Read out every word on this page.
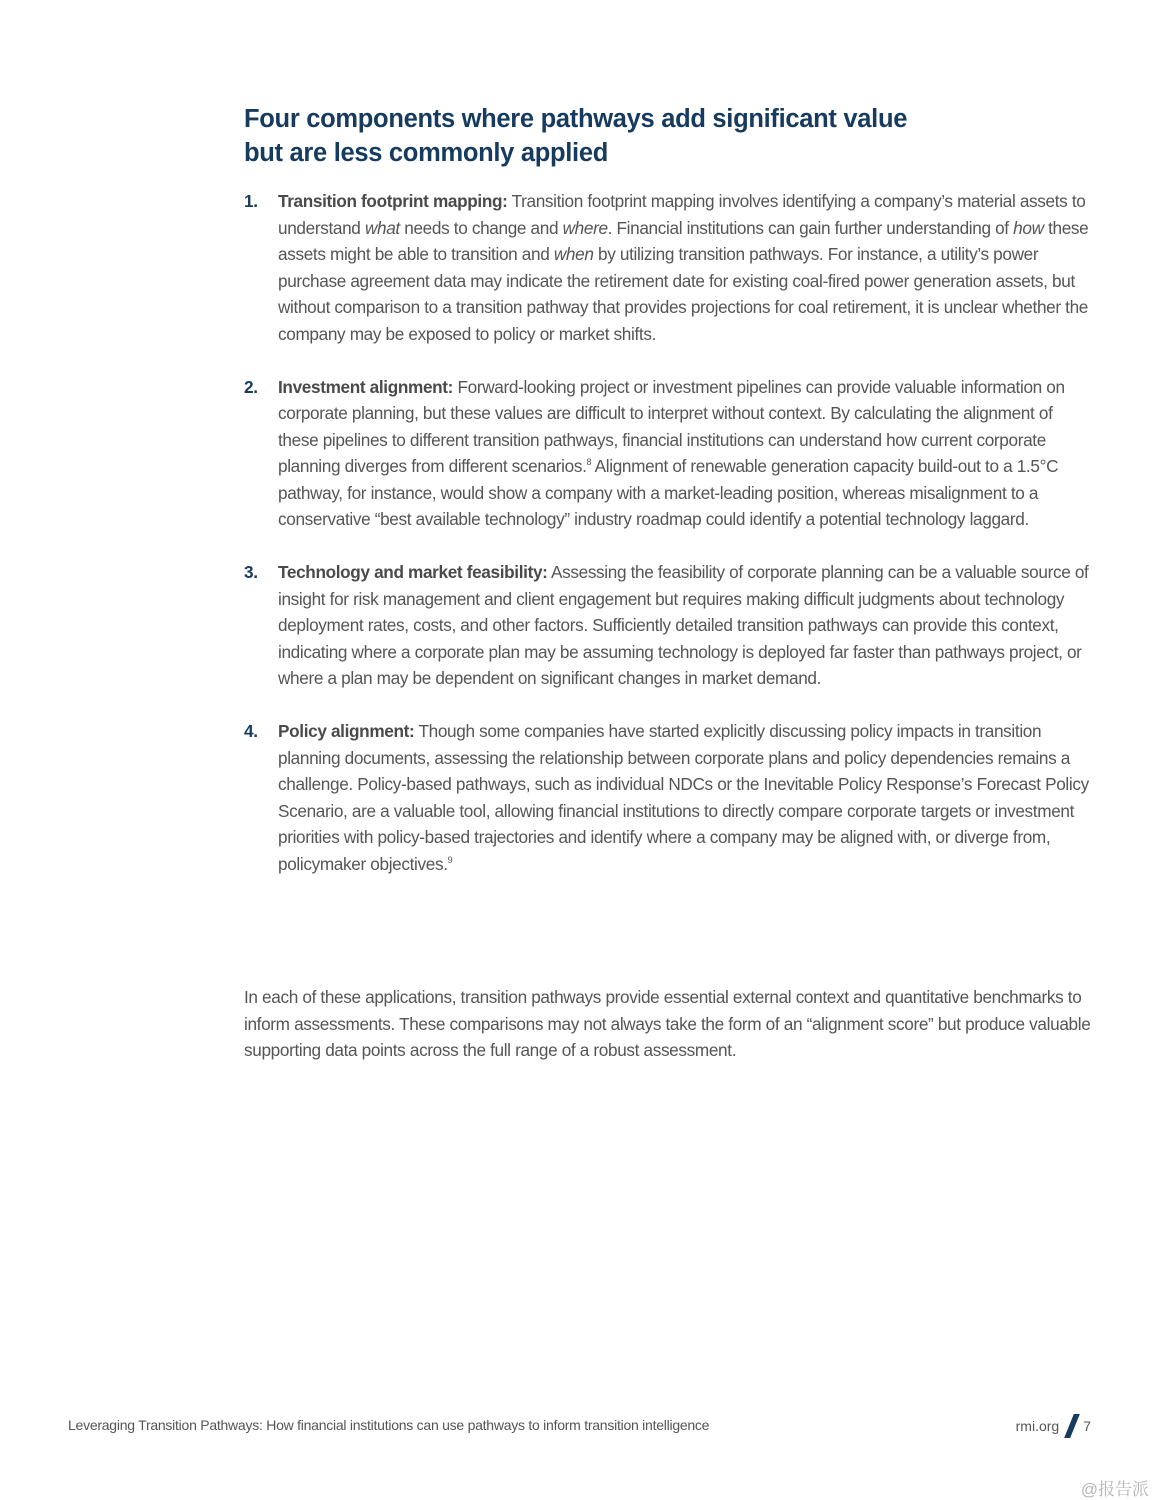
Four components where pathways add significant value
but are less commonly applied
1. Transition footprint mapping: Transition footprint mapping involves identifying a company’s material assets to understand what needs to change and where. Financial institutions can gain further understanding of how these assets might be able to transition and when by utilizing transition pathways. For instance, a utility’s power purchase agreement data may indicate the retirement date for existing coal-fired power generation assets, but without comparison to a transition pathway that provides projections for coal retirement, it is unclear whether the company may be exposed to policy or market shifts.
2. Investment alignment: Forward-looking project or investment pipelines can provide valuable information on corporate planning, but these values are difficult to interpret without context. By calculating the alignment of these pipelines to different transition pathways, financial institutions can understand how current corporate planning diverges from different scenarios.$^8$ Alignment of renewable generation capacity build-out to a 1.5°C pathway, for instance, would show a company with a market-leading position, whereas misalignment to a conservative “best available technology” industry roadmap could identify a potential technology laggard.
3. Technology and market feasibility: Assessing the feasibility of corporate planning can be a valuable source of insight for risk management and client engagement but requires making difficult judgments about technology deployment rates, costs, and other factors. Sufficiently detailed transition pathways can provide this context, indicating where a corporate plan may be assuming technology is deployed far faster than pathways project, or where a plan may be dependent on significant changes in market demand.
4. Policy alignment: Though some companies have started explicitly discussing policy impacts in transition planning documents, assessing the relationship between corporate plans and policy dependencies remains a challenge. Policy-based pathways, such as individual NDCs or the Inevitable Policy Response’s Forecast Policy Scenario, are a valuable tool, allowing financial institutions to directly compare corporate targets or investment priorities with policy-based trajectories and identify where a company may be aligned with, or diverge from, policymaker objectives.$^9$

In each of these applications, transition pathways provide essential external context and quantitative benchmarks to inform assessments. These comparisons may not always take the form of an “alignment score” but produce valuable supporting data points across the full range of a robust assessment.

Leveraging Transition Pathways: How financial institutions can use pathways to inform transition intelligence	rmi.org 7
@报告派
